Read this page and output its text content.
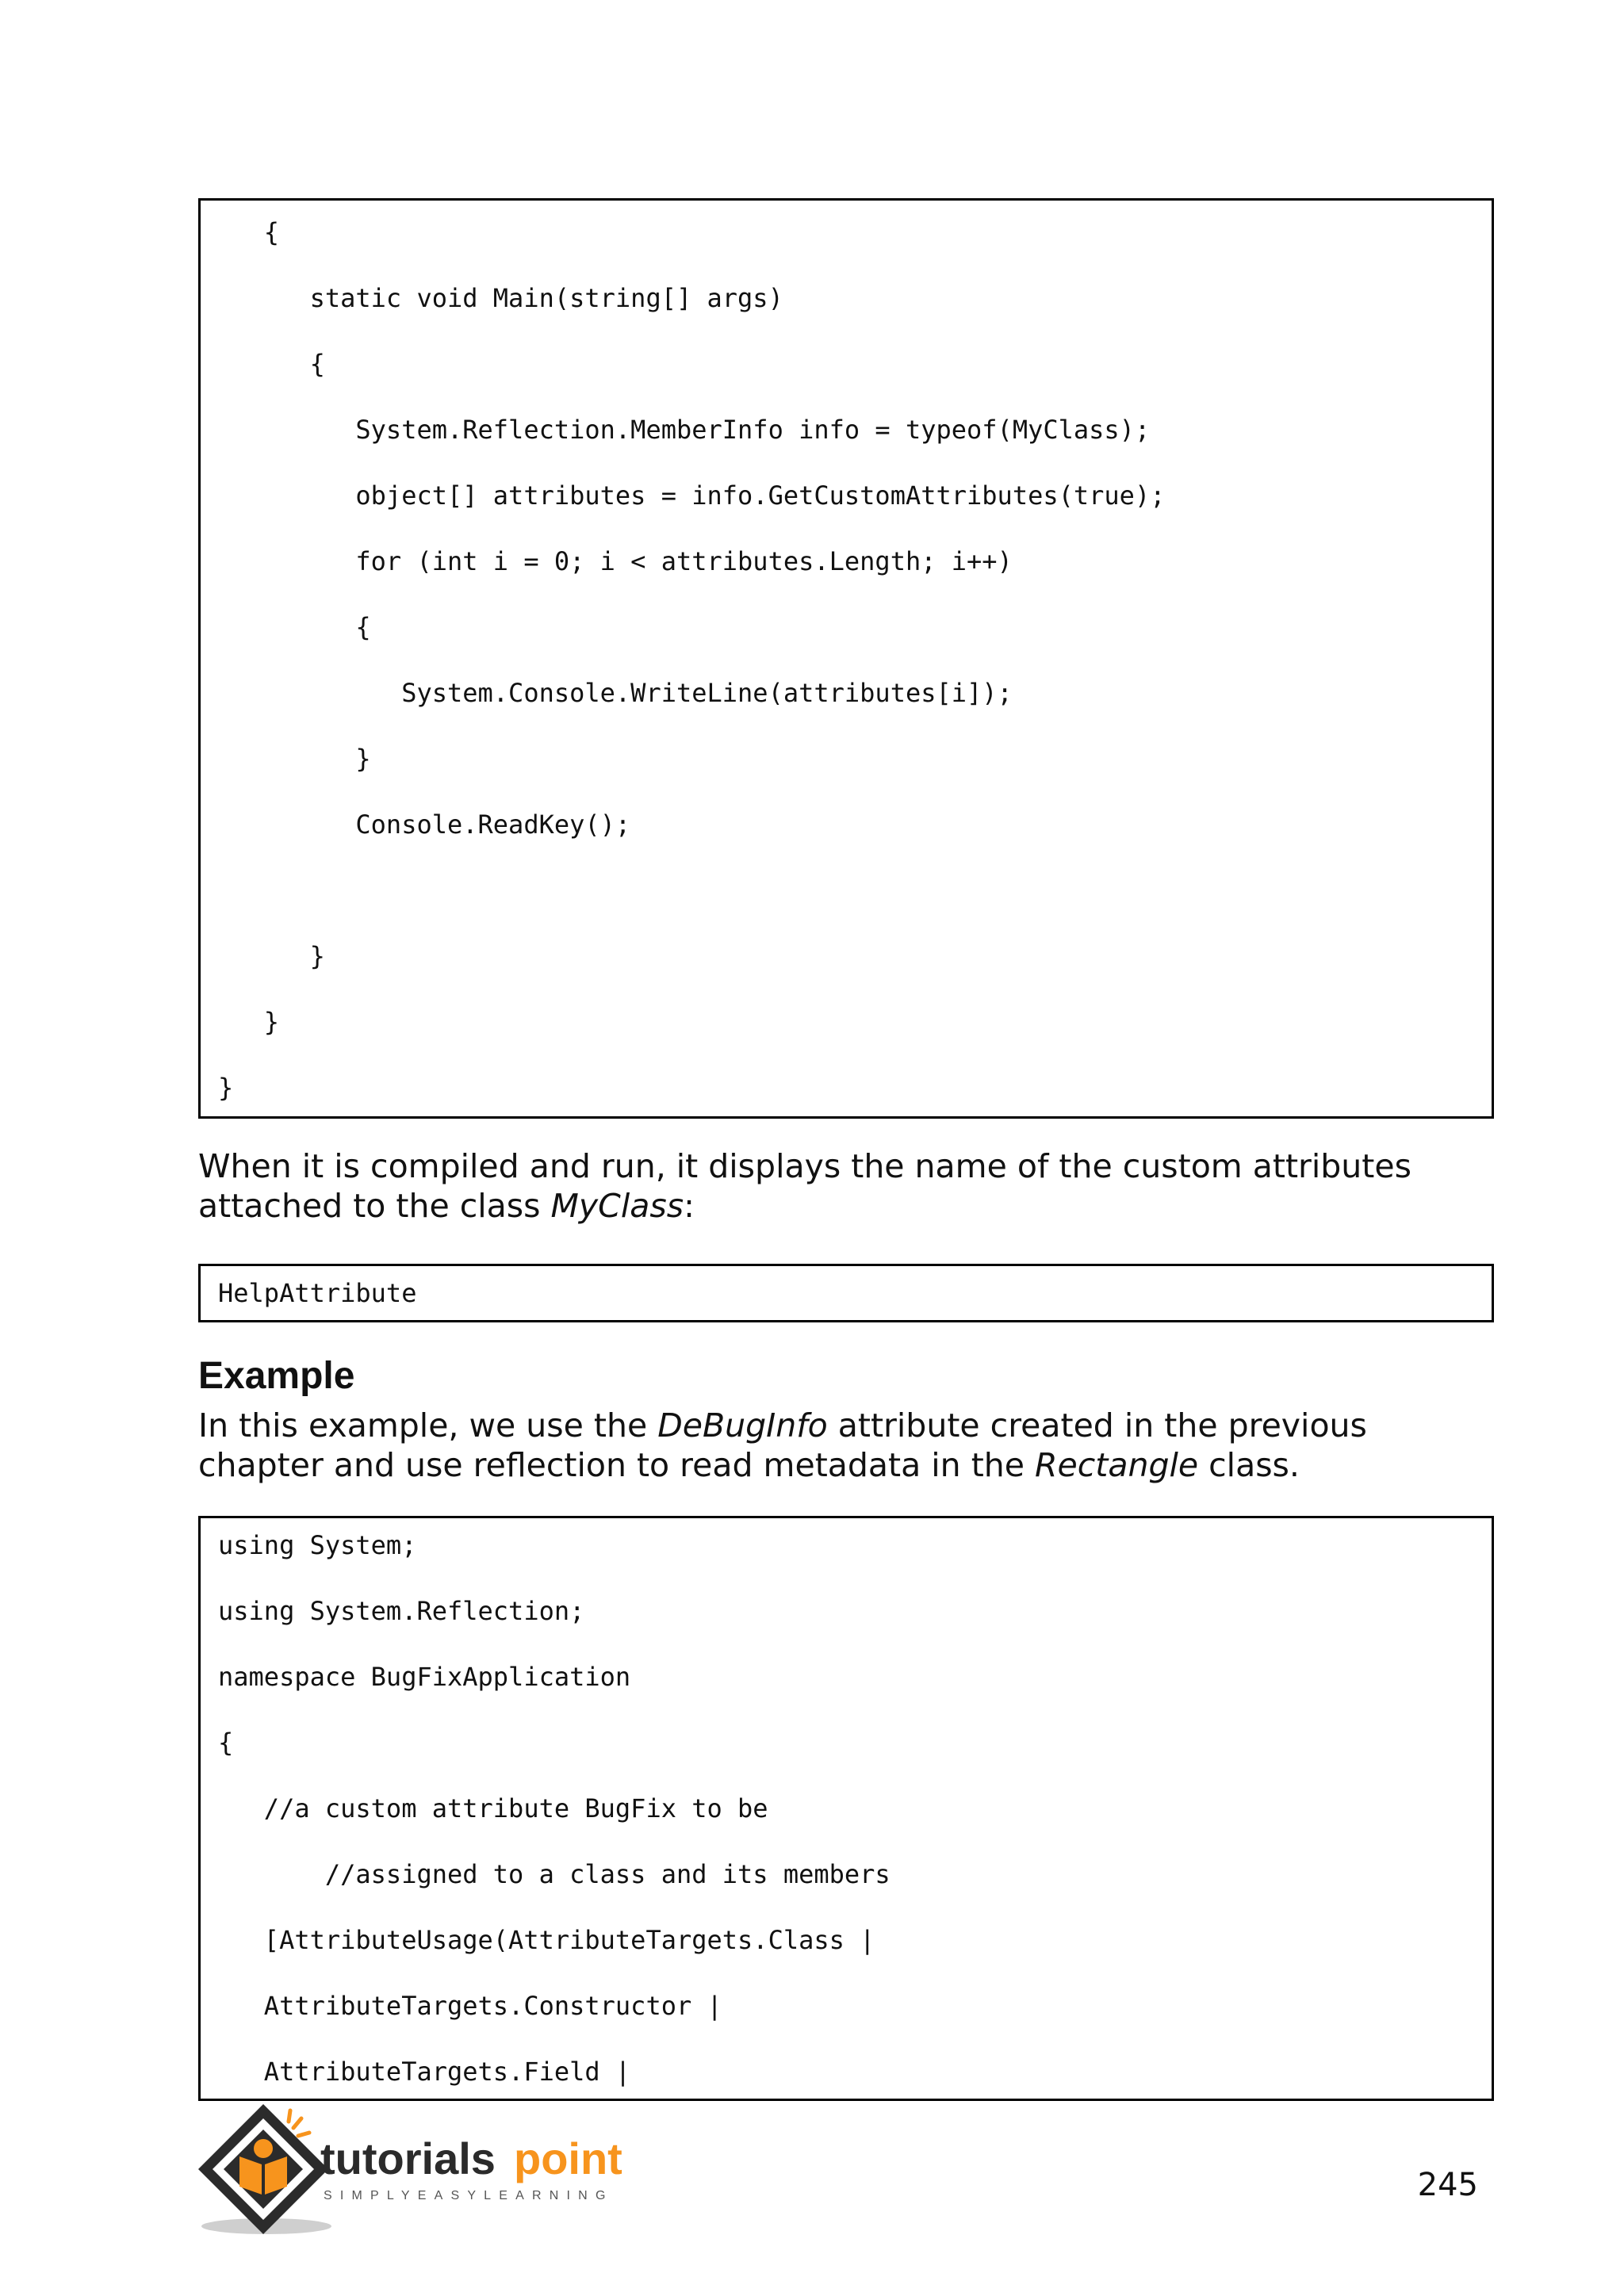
{
static void Main(string[] args)
{
System.Reflection.MemberInfo info = typeof(MyClass);
object[] attributes = info.GetCustomAttributes(true);
for (int i = 0; i < attributes.Length; i++)
{
System.Console.WriteLine(attributes[i]);
}
Console.ReadKey();
}
}
}
When it is compiled and run, it displays the name of the custom attributes attached to the class MyClass:
HelpAttribute
Example
In this example, we use the DeBugInfo attribute created in the previous chapter and use reflection to read metadata in the Rectangle class.
using System;
using System.Reflection;
namespace BugFixApplication
{
//a custom attribute BugFix to be
//assigned to a class and its members
[AttributeUsage(AttributeTargets.Class |
AttributeTargets.Constructor |
AttributeTargets.Field |
tutorials point
SIMPLYEASYLEARNING	245
